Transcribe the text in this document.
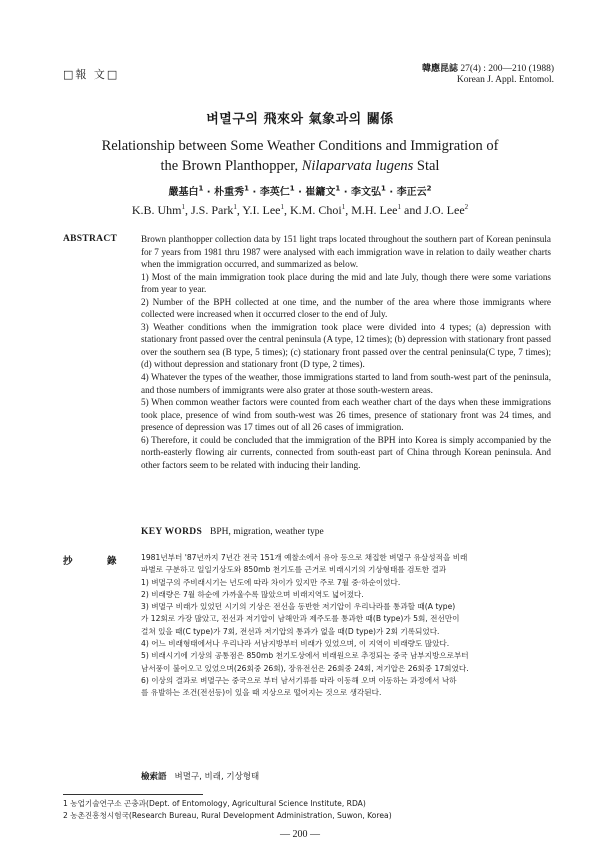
□報 文□	韓應昆誌 27(4) : 200—210 (1988)
Korean J. Appl. Entomol.
벼멸구의 飛來와 氣象과의 關係
Relationship between Some Weather Conditions and Immigration of
the Brown Planthopper, Nilaparvata lugens Stal
嚴基白$^1$ · 朴重秀$^1$ · 李英仁$^1$ · 崔鏞文$^1$ · 李文弘$^1$ · 李正云$^2$
K.B. Uhm$^1$, J.S. Park$^1$, Y.I. Lee$^1$, K.M. Choi$^1$, M.H. Lee$^1$ and J.O. Lee$^2$
ABSTRACT	Brown planthopper collection data by 151 light traps located throughout the southern part of Korean peninsula for 7 years from 1981 thru 1987 were analysed with each immigration wave in relation to daily weather charts when the immigration occurred, and summarized as below.

1) Most of the main immigration took place during the mid and late July, though there were some variations from year to year.

2) Number of the BPH collected at one time, and the number of the area where those immigrants where collected were increased when it occurred closer to the end of July.

3) Weather conditions when the immigration took place were divided into 4 types; (a) depression with stationary front passed over the central peninsula (A type, 12 times); (b) depression with stationary front passed over the southern sea (B type, 5 times); (c) stationary front passed over the central peninsula(C type, 7 times); (d) without depression and stationary front (D type, 2 times).

4) Whatever the types of the weather, those immigrations started to land from south-west part of the peninsula, and those numbers of immigrants were also grater at those south-western areas.

5) When common weather factors were counted from each weather chart of the days when these immigrations took place, presence of wind from south-west was 26 times, presence of stationary front was 24 times, and presence of depression was 17 times out of all 26 cases of immigration.

6) Therefore, it could be concluded that the immigration of the BPH into Korea is simply accompanied by the north-easterly flowing air currents, connected from south-east part of China through Korean peninsula. And other factors seem to be related with inducing their landing.

KEY WORDS BPH, migration, weather type
抄	錄	1981년부터 '87년까지 7년간 전국 151개 예찰소에서 유아 등으로 채집한 벼멸구 유살성적을 비래

파별로 구분하고 일일기상도와 850mb 천기도를 근거로 비래시기의 기상형태를 검토한 결과

1) 벼멸구의 주비래시기는 년도에 따라 차이가 있지만 주로 7월 중·하순이었다.

2) 비래량은 7월 하순에 가까울수록 많았으며 비래지역도 넓어졌다.

3) 벼멸구 비래가 있었던 시기의 기상은 전선을 동반한 저기압이 우리나라를 통과할 때(A type)

가 12회로 가장 많았고, 전선과 저기압이 남해안과 제주도를 통과한 때(B type)가 5회, 전선만이

걸쳐 있을 때(C type)가 7회, 전선과 저기압의 통과가 없을 때(D type)가 2회 기록되었다.

4) 어느 비래형태에서나 우리나라 서남지방부터 비래가 있었으며, 이 지역이 비래량도 많았다.

5) 비래시기에 기상의 공통점은 850mb 천기도상에서 비래원으로 추정되는 중국 남부지방으로부터

남서풍이 불어오고 있었으며(26회중 26회), 장유전선은 26회중 24회, 저기압은 26회중 17회였다.

6) 이상의 결과로 벼멸구는 중국으로 부터 남서기류를 따라 이동해 오며 이동하는 과정에서 낙하

를 유발하는 조건(전선등)이 있을 때 지상으로 떨어지는 것으로 생각된다.

檢索語 벼멸구, 비래, 기상형태

1 농업기술연구소 곤충과(Dept. of Entomology, Agricultural Science Institute, RDA)

2 농촌진흥청시험국(Research Bureau, Rural Development Administration, Suwon, Korea)

— 200 —
